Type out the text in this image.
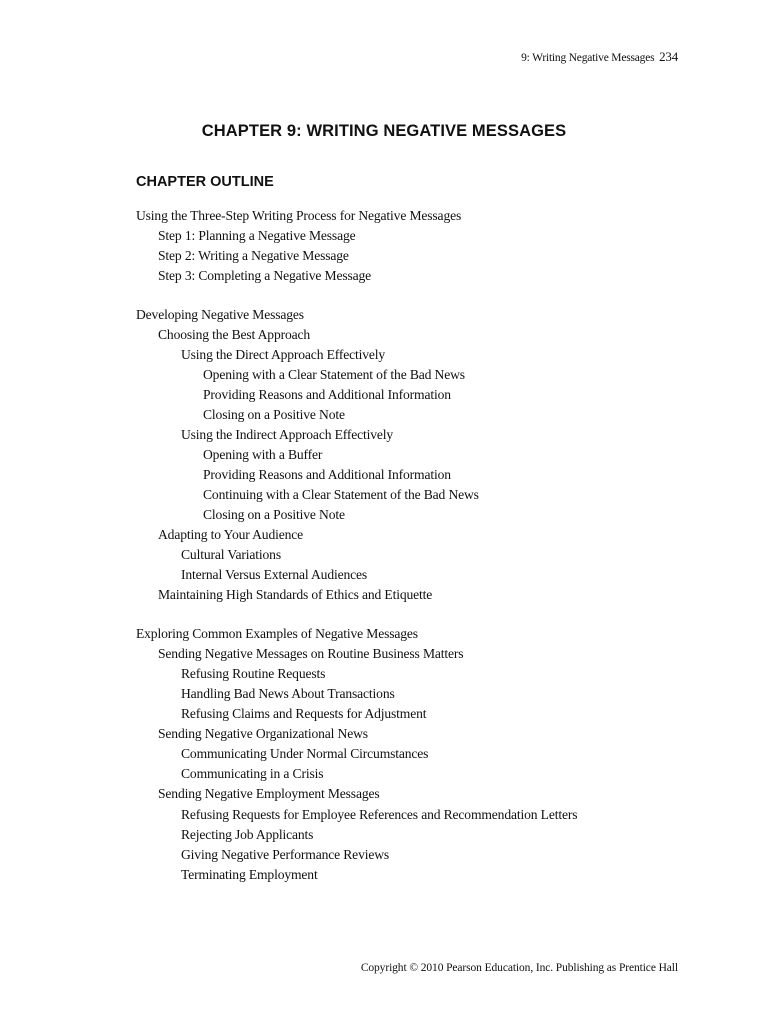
9: Writing Negative Messages 234
CHAPTER 9: WRITING NEGATIVE MESSAGES
CHAPTER OUTLINE
Using the Three-Step Writing Process for Negative Messages
Step 1: Planning a Negative Message
Step 2: Writing a Negative Message
Step 3: Completing a Negative Message
Developing Negative Messages
Choosing the Best Approach
Using the Direct Approach Effectively
Opening with a Clear Statement of the Bad News
Providing Reasons and Additional Information
Closing on a Positive Note
Using the Indirect Approach Effectively
Opening with a Buffer
Providing Reasons and Additional Information
Continuing with a Clear Statement of the Bad News
Closing on a Positive Note
Adapting to Your Audience
Cultural Variations
Internal Versus External Audiences
Maintaining High Standards of Ethics and Etiquette
Exploring Common Examples of Negative Messages
Sending Negative Messages on Routine Business Matters
Refusing Routine Requests
Handling Bad News About Transactions
Refusing Claims and Requests for Adjustment
Sending Negative Organizational News
Communicating Under Normal Circumstances
Communicating in a Crisis
Sending Negative Employment Messages
Refusing Requests for Employee References and Recommendation Letters
Rejecting Job Applicants
Giving Negative Performance Reviews
Terminating Employment
Copyright © 2010 Pearson Education, Inc. Publishing as Prentice Hall
